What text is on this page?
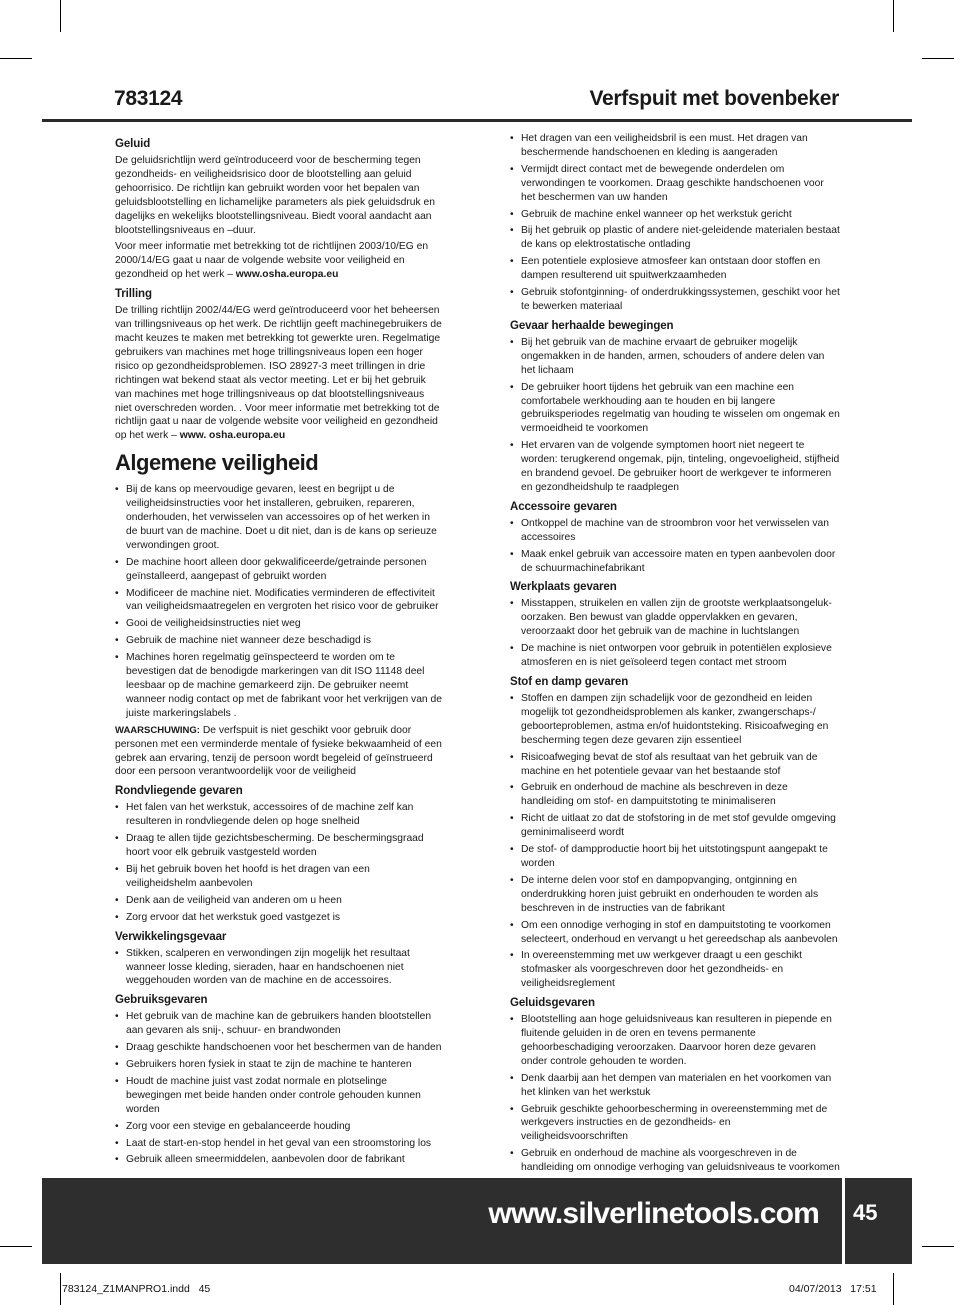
783124	Verfspuit met bovenbeker
Geluid

De geluidsrichtlijn werd geïntroduceerd voor de bescherming tegen gezondheids- en veiligheidsrisico door de blootstelling aan geluid gehoorrisico. De richtlijn kan gebruikt worden voor het bepalen van geluidsblootstelling en lichamelijke parameters als piek geluidsdruk en dagelijks en wekelijks blootstellingsniveau. Biedt vooral aandacht aan blootstellingsniveaus en –duur.

Voor meer informatie met betrekking tot de richtlijnen 2003/10/EG en 2000/14/EG gaat u naar de volgende website voor veiligheid en gezondheid op het werk – www.osha.europa.eu

Trilling

De trilling richtlijn 2002/44/EG werd geïntroduceerd voor het beheersen van trillingsniveaus op het werk. De richtlijn geeft machinegebruikers de macht keuzes te maken met betrekking tot gewerkte uren. Regelmatige gebruikers van machines met hoge trillingsniveaus lopen een hoger risico op gezondheidsproblemen. ISO 28927-3 meet trillingen in drie richtingen wat bekend staat als vector meeting. Let er bij het gebruik van machines met hoge trillingsniveaus op dat blootstellingsniveaus niet overschreden worden. . Voor meer informatie met betrekking tot de richtlijn gaat u naar de volgende website voor veiligheid en gezondheid op het werk – www. osha.europa.eu

Algemene veiligheid
• Bij de kans op meervoudige gevaren, leest en begrijpt u de veiligheidsinstructies voor het installeren, gebruiken, repareren, onderhouden, het verwisselen van accessoires op of het werken in de buurt van de machine. Doet u dit niet, dan is de kans op serieuze verwondingen groot.
• De machine hoort alleen door gekwalificeerde/getrainde personen geïnstalleerd, aangepast of gebruikt worden
• Modificeer de machine niet. Modificaties verminderen de effectiviteit van veiligheidsmaatregelen en vergroten het risico voor de gebruiker
• Gooi de veiligheidsinstructies niet weg
• Gebruik de machine niet wanneer deze beschadigd is
• Machines horen regelmatig geïnspecteerd te worden om te bevestigen dat de benodigde markeringen van dit ISO 11148 deel leesbaar op de machine gemarkeerd zijn. De gebruiker neemt wanneer nodig contact op met de fabrikant voor het verkrijgen van de juiste markeringslabels .

WAARSCHUWING: De verfspuit is niet geschikt voor gebruik door personen met een verminderde mentale of fysieke bekwaamheid of een gebrek aan ervaring, tenzij de persoon wordt begeleid of geïnstrueerd door een persoon verantwoordelijk voor de veiligheid

Rondvliegende gevaren
• Het falen van het werkstuk, accessoires of de machine zelf kan resulteren in rondvliegende delen op hoge snelheid
• Draag te allen tijde gezichtsbescherming. De beschermingsgraad hoort voor elk gebruik vastgesteld worden
• Bij het gebruik boven het hoofd is het dragen van een veiligheidshelm aanbevolen
• Denk aan de veiligheid van anderen om u heen
• Zorg ervoor dat het werkstuk goed vastgezet is
Verwikkelingsgevaar
• Stikken, scalperen en verwondingen zijn mogelijk het resultaat wanneer losse kleding, sieraden, haar en handschoenen niet weggehouden worden van de machine en de accessoires.
Gebruiksgevaren
• Het gebruik van de machine kan de gebruikers handen blootstellen aan gevaren als snij-, schuur- en brandwonden
• Draag geschikte handschoenen voor het beschermen van de handen
• Gebruikers horen fysiek in staat te zijn de machine te hanteren
• Houdt de machine juist vast zodat normale en plotselinge bewegingen met beide handen onder controle gehouden kunnen worden
• Zorg voor een stevige en gebalanceerde houding
• Laat de start-en-stop hendel in het geval van een stroomstoring los
• Gebruik alleen smeermiddelen, aanbevolen door de fabrikant
• Het dragen van een veiligheidsbril is een must. Het dragen van beschermende handschoenen en kleding is aangeraden
• Vermijdt direct contact met de bewegende onderdelen om verwondingen te voorkomen. Draag geschikte handschoenen voor het beschermen van uw handen
• Gebruik de machine enkel wanneer op het werkstuk gericht
• Bij het gebruik op plastic of andere niet-geleidende materialen bestaat de kans op elektrostatische ontlading
• Een potentiele explosieve atmosfeer kan ontstaan door stoffen en dampen resulterend uit spuitwerkzaamheden
• Gebruik stofontginning- of onderdrukkingssystemen, geschikt voor het te bewerken materiaal
Gevaar herhaalde bewegingen
• Bij het gebruik van de machine ervaart de gebruiker mogelijk ongemakken in de handen, armen, schouders of andere delen van het lichaam
• De gebruiker hoort tijdens het gebruik van een machine een comfortabele werkhouding aan te houden en bij langere gebruiksperiodes regelmatig van houding te wisselen om ongemak en vermoeidheid te voorkomen
• Het ervaren van de volgende symptomen hoort niet negeert te worden: terugkerend ongemak, pijn, tinteling, ongevoeligheid, stijfheid en brandend gevoel. De gebruiker hoort de werkgever te informeren en gezondheidshulp te raadplegen
Accessoire gevaren
• Ontkoppel de machine van de stroombron voor het verwisselen van accessoires
• Maak enkel gebruik van accessoire maten en typen aanbevolen door de schuurmachinefabrikant
Werkplaats gevaren
• Misstappen, struikelen en vallen zijn de grootste werkplaatsongeluk-oorzaken. Ben bewust van gladde oppervlakken en gevaren, veroorzaakt door het gebruik van de machine in luchtslangen
• De machine is niet ontworpen voor gebruik in potentiëlen explosieve atmosferen en is niet geïsoleerd tegen contact met stroom
Stof en damp gevaren
• Stoffen en dampen zijn schadelijk voor de gezondheid en leiden mogelijk tot gezondheidsproblemen als kanker, zwangerschaps-/ geboorteproblemen, astma en/of huidontsteking. Risicoafweging en bescherming tegen deze gevaren zijn essentieel
• Risicoafweging bevat de stof als resultaat van het gebruik van de machine en het potentiele gevaar van het bestaande stof
• Gebruik en onderhoud de machine als beschreven in deze handleiding om stof- en dampuitstoting te minimaliseren
• Richt de uitlaat zo dat de stofstoring in de met stof gevulde omgeving geminimaliseerd wordt
• De stof- of dampproductie hoort bij het uitstotingspunt aangepakt te worden
• De interne delen voor stof en dampopvanging, ontginning en onderdrukking horen juist gebruikt en onderhouden te worden als beschreven in de instructies van de fabrikant
• Om een onnodige verhoging in stof en dampuitstoting te voorkomen selecteert, onderhoud en vervangt u het gereedschap als aanbevolen
• In overeenstemming met uw werkgever draagt u een geschikt stofmasker als voorgeschreven door het gezondheids- en veiligheidsreglement
Geluidsgevaren
• Blootstelling aan hoge geluidsniveaus kan resulteren in piepende en fluitende geluiden in de oren en tevens permanente gehoorbeschadiging veroorzaken. Daarvoor horen deze gevaren onder controle gehouden te worden.
• Denk daarbij aan het dempen van materialen en het voorkomen van het klinken van het werkstuk
• Gebruik geschikte gehoorbescherming in overeenstemming met de werkgevers instructies en de gezondheids- en veiligheidsvoorschriften
• Gebruik en onderhoud de machine als voorgeschreven in de handleiding om onnodige verhoging van geluidsniveaus te voorkomen
www.silverlinetools.com 45
783124_Z1MANPRO1.indd   45	04/07/2013   17:51
